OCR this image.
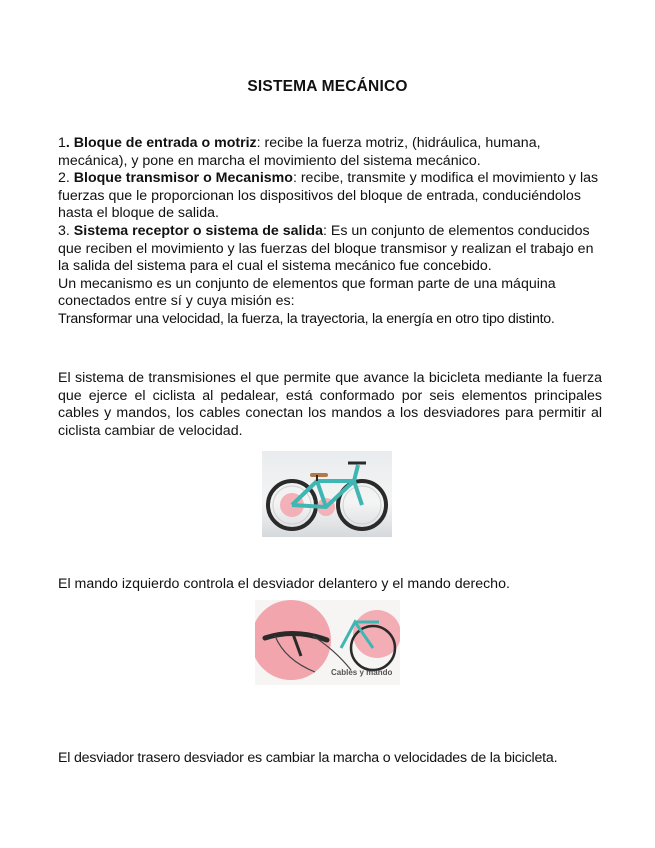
SISTEMA MECÁNICO

1. Bloque de entrada o motriz: recibe la fuerza motriz, (hidráulica, humana, mecánica), y pone en marcha el movimiento del sistema mecánico.

2. Bloque transmisor o Mecanismo: recibe, transmite y modifica el movimiento y las fuerzas que le proporcionan los dispositivos del bloque de entrada, conduciéndolos hasta el bloque de salida.

3. Sistema receptor o sistema de salida: Es un conjunto de elementos conducidos que reciben el movimiento y las fuerzas del bloque transmisor y realizan el trabajo en la salida del sistema para el cual el sistema mecánico fue concebido.

Un mecanismo es un conjunto de elementos que forman parte de una máquina conectados entre sí y cuya misión es:

Transformar una velocidad, la fuerza, la trayectoria, la energía en otro tipo distinto.

El sistema de transmisiones el que permite que avance la bicicleta mediante la fuerza que ejerce el ciclista al pedalear, está conformado por seis elementos principales cables y mandos, los cables conectan los mandos a los desviadores para permitir al ciclista cambiar de velocidad.

El mando izquierdo controla el desviador delantero y el mando derecho.

Cables y mando

El desviador trasero desviador es cambiar la marcha o velocidades de la bicicleta.
